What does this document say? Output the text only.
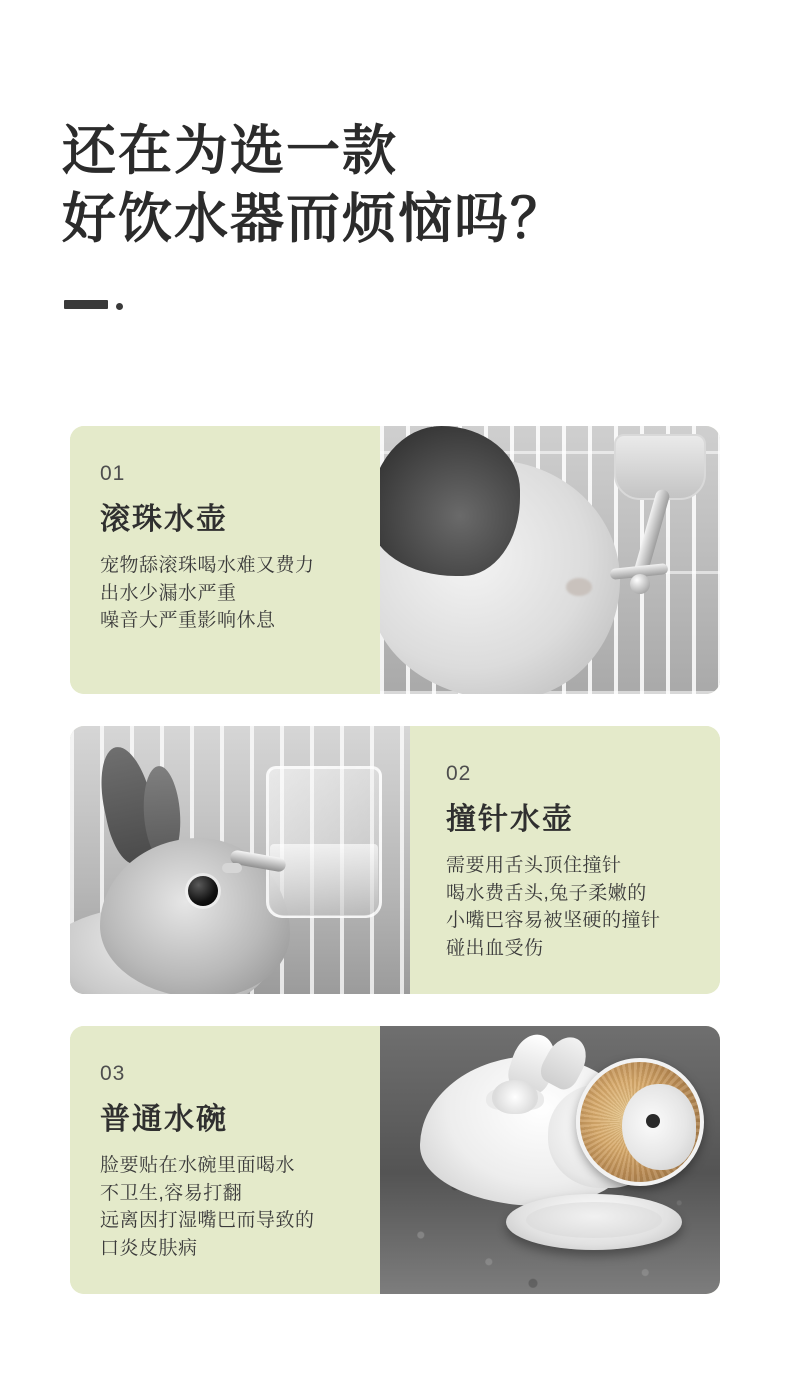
还在为选一款
好饮水器而烦恼吗？
01
滚珠水壶
宠物舔滚珠喝水难又费力
出水少漏水严重
噪音大严重影响休息
02
撞针水壶
需要用舌头顶住撞针
喝水费舌头,兔子柔嫩的
小嘴巴容易被坚硬的撞针
碰出血受伤
03
普通水碗
脸要贴在水碗里面喝水
不卫生,容易打翻
远离因打湿嘴巴而导致的
口炎皮肤病
